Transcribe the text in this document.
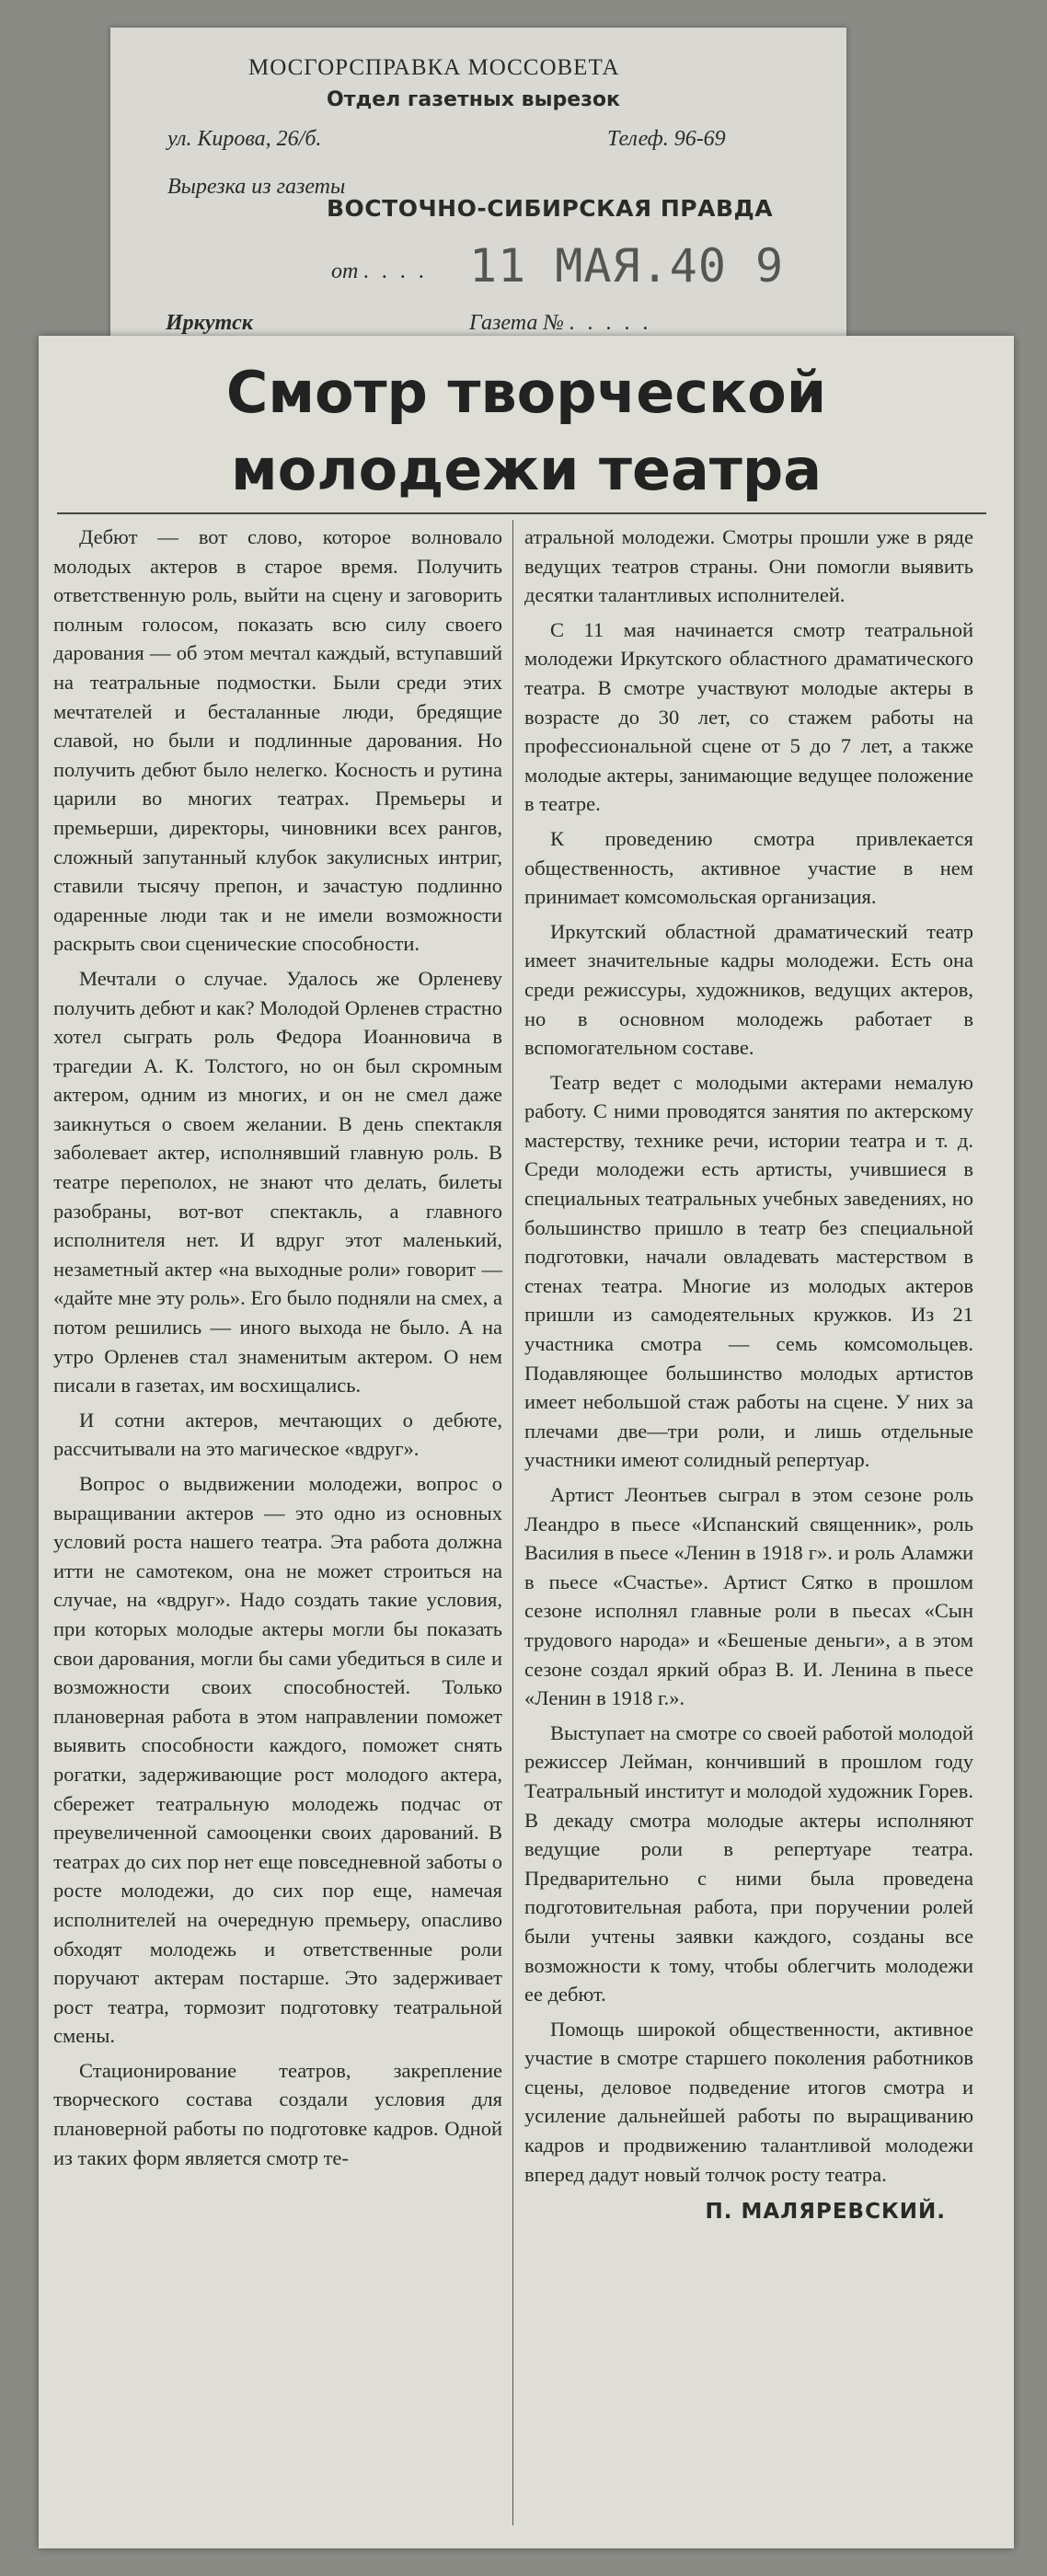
МОСГОРСПРАВКА МОССОВЕТА
Отдел газетных вырезок
ул. Кирова, 26/б.	Телеф. 96-69
Вырезка из газеты
ВОСТОЧНО-СИБИРСКАЯ ПРАВДА
от . . . . 11 МАЯ.40 9
Иркутск	Газета № . . . . .
Смотр творческой
молодежи театра

Дебют — вот слово, которое волновало молодых актеров в старое время. Получить ответственную роль, выйти на сцену и заговорить полным голосом, показать всю силу своего дарования — об этом мечтал каждый, вступавший на театральные подмостки. Были среди этих мечтателей и бесталанные люди, бредящие славой, но были и подлинные дарования. Но получить дебют было нелегко. Косность и рутина царили во многих театрах. Премьеры и премьерши, директоры, чиновники всех рангов, сложный запутанный клубок закулисных интриг, ставили тысячу препон, и зачастую подлинно одаренные люди так и не имели возможности раскрыть свои сценические способности.

Мечтали о случае. Удалось же Орленеву получить дебют и как? Молодой Орленев страстно хотел сыграть роль Федора Иоанновича в трагедии А. К. Толстого, но он был скромным актером, одним из многих, и он не смел даже заикнуться о своем желании. В день спектакля заболевает актер, исполнявший главную роль. В театре переполох, не знают что делать, билеты разобраны, вот-вот спектакль, а главного исполнителя нет. И вдруг этот маленький, незаметный актер «на выходные роли» говорит — «дайте мне эту роль». Его было подняли на смех, а потом решились — иного выхода не было. А на утро Орленев стал знаменитым актером. О нем писали в газетах, им восхищались.

И сотни актеров, мечтающих о дебюте, рассчитывали на это магическое «вдруг».

Вопрос о выдвижении молодежи, вопрос о выращивании актеров — это одно из основных условий роста нашего театра. Эта работа должна итти не самотеком, она не может строиться на случае, на «вдруг». Надо создать такие условия, при которых молодые актеры могли бы показать свои дарования, могли бы сами убедиться в силе и возможности своих способностей. Только плановерная работа в этом направлении поможет выявить способности каждого, поможет снять рогатки, задерживающие рост молодого актера, сбережет театральную молодежь подчас от преувеличенной самооценки своих дарований. В театрах до сих пор нет еще повседневной заботы о росте молодежи, до сих пор еще, намечая исполнителей на очередную премьеру, опасливо обходят молодежь и ответственные роли поручают актерам постарше. Это задерживает рост театра, тормозит подготовку театральной смены.

Стационирование театров, закрепление творческого состава создали условия для плановерной работы по подготовке кадров. Одной из таких форм является смотр те-

атральной молодежи. Смотры прошли уже в ряде ведущих театров страны. Они помогли выявить десятки талантливых исполнителей.

С 11 мая начинается смотр театральной молодежи Иркутского областного драматического театра. В смотре участвуют молодые актеры в возрасте до 30 лет, со стажем работы на профессиональной сцене от 5 до 7 лет, а также молодые актеры, занимающие ведущее положение в театре.

К проведению смотра привлекается общественность, активное участие в нем принимает комсомольская организация.

Иркутский областной драматический театр имеет значительные кадры молодежи. Есть она среди режиссуры, художников, ведущих актеров, но в основном молодежь работает в вспомогательном составе.

Театр ведет с молодыми актерами немалую работу. С ними проводятся занятия по актерскому мастерству, технике речи, истории театра и т. д. Среди молодежи есть артисты, учившиеся в специальных театральных учебных заведениях, но большинство пришло в театр без специальной подготовки, начали овладевать мастерством в стенах театра. Многие из молодых актеров пришли из самодеятельных кружков. Из 21 участника смотра — семь комсомольцев. Подавляющее большинство молодых артистов имеет небольшой стаж работы на сцене. У них за плечами две—три роли, и лишь отдельные участники имеют солидный репертуар.

Артист Леонтьев сыграл в этом сезоне роль Леандро в пьесе «Испанский священник», роль Василия в пьесе «Ленин в 1918 г». и роль Аламжи в пьесе «Счастье». Артист Сятко в прошлом сезоне исполнял главные роли в пьесах «Сын трудового народа» и «Бешеные деньги», а в этом сезоне создал яркий образ В. И. Ленина в пьесе «Ленин в 1918 г.».

Выступает на смотре со своей работой молодой режиссер Лейман, кончивший в прошлом году Театральный институт и молодой художник Горев. В декаду смотра молодые актеры исполняют ведущие роли в репертуаре театра. Предварительно с ними была проведена подготовительная работа, при поручении ролей были учтены заявки каждого, созданы все возможности к тому, чтобы облегчить молодежи ее дебют.

Помощь широкой общественности, активное участие в смотре старшего поколения работников сцены, деловое подведение итогов смотра и усиление дальнейшей работы по выращиванию кадров и продвижению талантливой молодежи вперед дадут новый толчок росту театра.

П. МАЛЯРЕВСКИЙ.
